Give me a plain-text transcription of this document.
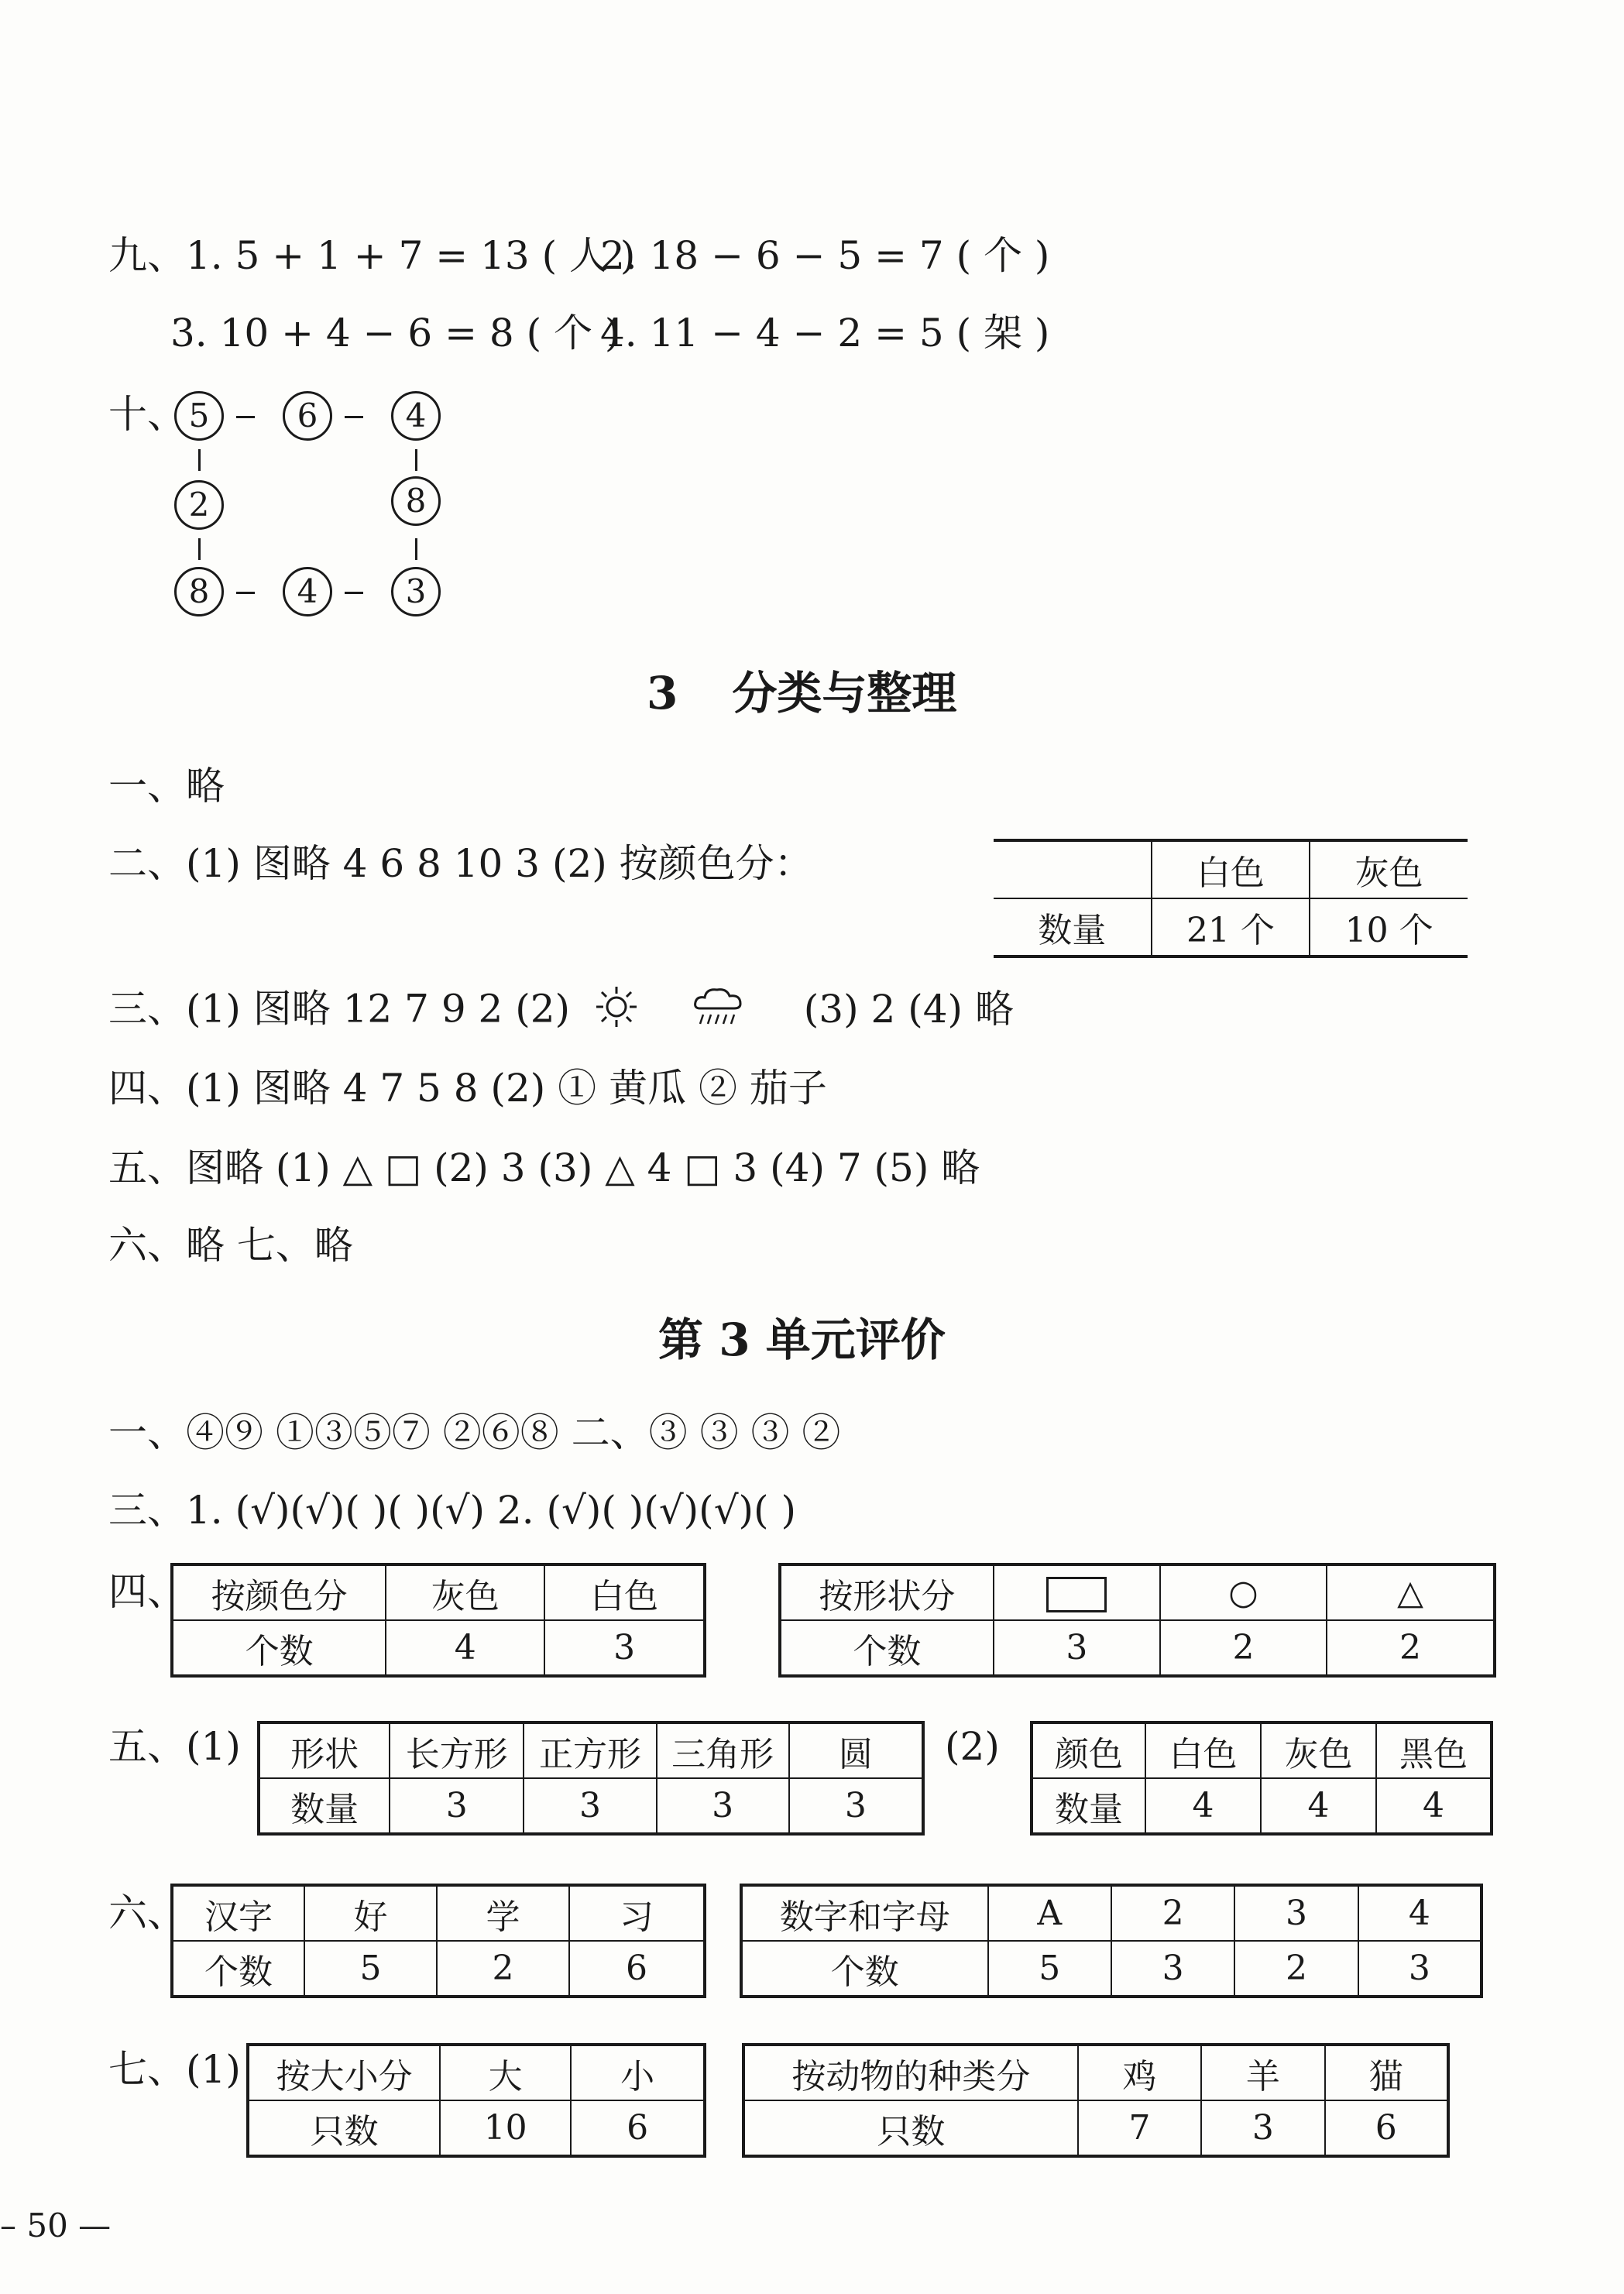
九、1. 5 + 1 + 7 = 13 ( 人 )
2. 18 − 6 − 5 = 7 ( 个 )
3. 10 + 4 − 6 = 8 ( 个 )
4. 11 − 4 − 2 = 5 ( 架 )
十、 5	6	4
2	8
8	4	3
3 分类与整理
一、略
二、(1) 图略 4 6 8 10 3 (2) 按颜色分：
		白色	灰色
数量	21 个	10 个
三、(1) 图略 12 7 9 2 (2)	(3) 2 (4) 略
四、(1) 图略 4 7 5 8 (2) ① 黄瓜 ② 茄子
五、图略 (1) △ □ (2) 3 (3) △ 4 □ 3 (4) 7 (5) 略
六、略 七、略
第 3 单元评价
一、④⑨ ①③⑤⑦ ②⑥⑧ 二、③ ③ ③ ②
三、1. (√)(√)( )( )(√) 2. (√)( )(√)(√)( )
四、 按颜色分	灰色	白色
个数	4	3
按形状分		○	△
个数	3	2	2
五、(1) 形状	长方形	正方形	三角形	圆
数量	3	3	3	3
(2) 颜色	白色	灰色	黑色
数量	4	4	4
六、 汉字	好	学	习
个数	5	2	6
数字和字母	A	2	3	4
个数	5	3	2	3
七、(1) 按大小分	大	小
只数	10	6
按动物的种类分	鸡	羊	猫
只数	7	3	6
– 50 —
